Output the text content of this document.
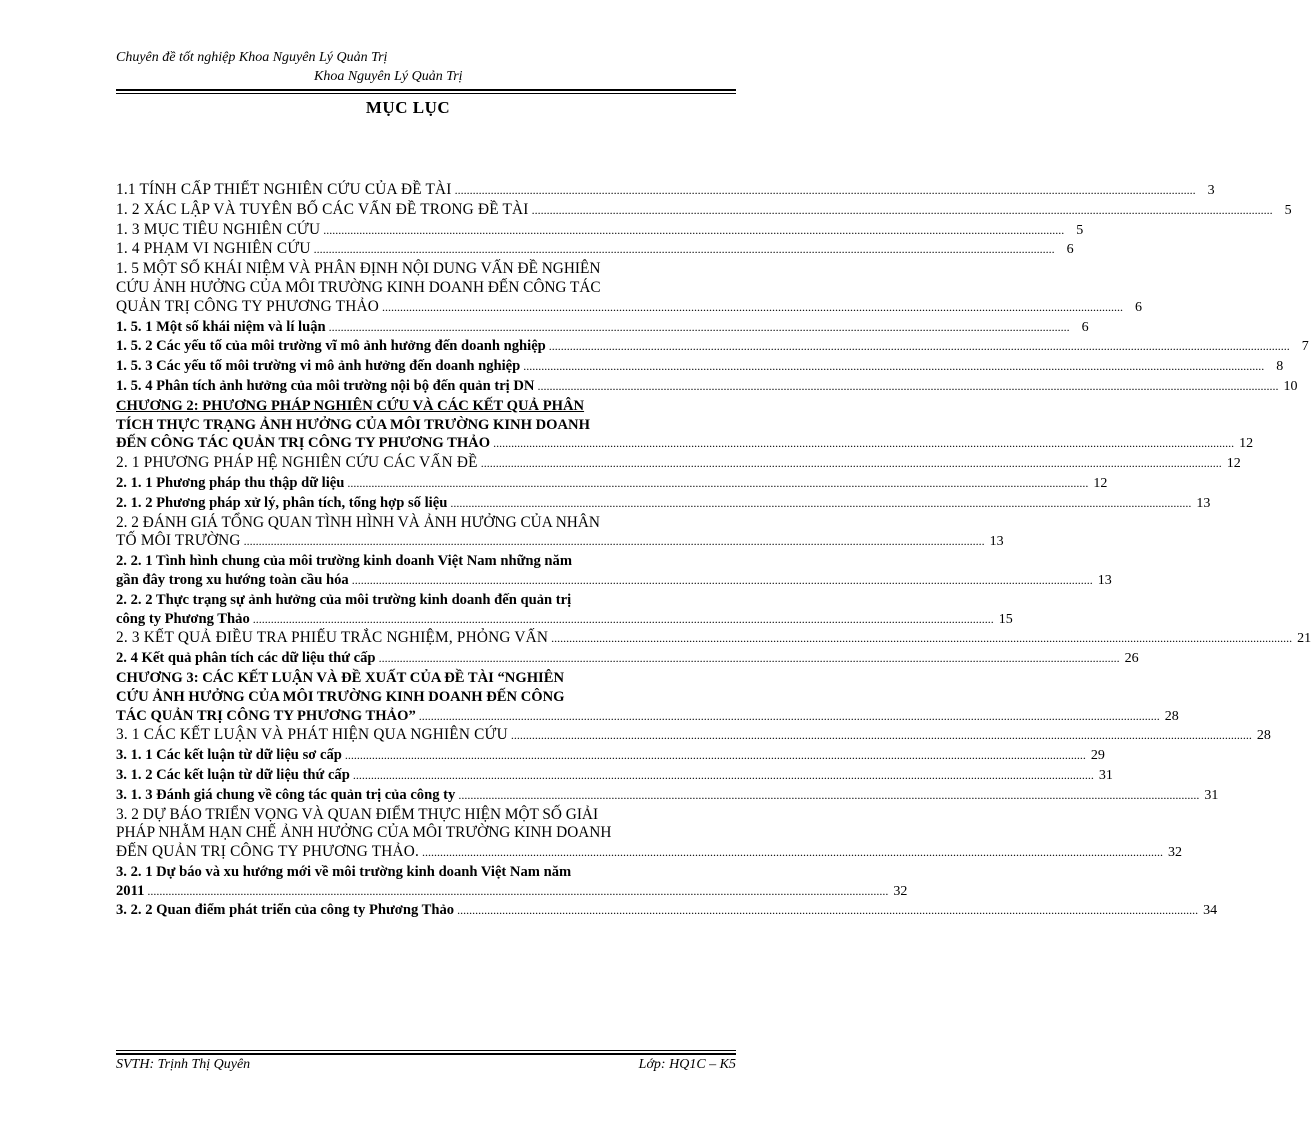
Chuyên đề tốt nghiệp Khoa Nguyên Lý Quản Trị
Khoa Nguyên Lý Quản Trị
MỤC LỤC
1.1 TÍNH CẤP THIẾT NGHIÊN CỨU CỦA ĐỀ TÀI .....	3
1. 2 XÁC LẬP VÀ TUYÊN BỐ CÁC VẤN ĐỀ TRONG ĐỀ TÀI .....	5
1. 3 MỤC TIÊU NGHIÊN CỨU .....	5
1. 4 PHẠM VI NGHIÊN CỨU .....	6
1. 5 MỘT SỐ KHÁI NIỆM VÀ PHÂN ĐỊNH NỘI DUNG VẤN ĐỀ NGHIÊN
CỨU ẢNH HƯỞNG CỦA MÔI TRƯỜNG KINH DOANH ĐẾN CÔNG TÁC
QUẢN TRỊ CÔNG TY PHƯƠNG THẢO .....	6
1. 5. 1 Một số khái niệm và lí luận .....	6
1. 5. 2 Các yếu tố của môi trường vĩ mô ảnh hưởng đến doanh nghiệp .....	7
1. 5. 3 Các yếu tố môi trường vi mô ảnh hưởng đến doanh nghiệp .....	8
1. 5. 4 Phân tích ảnh hưởng của môi trường nội bộ đến quản trị DN .....	10
CHƯƠNG 2: PHƯƠNG PHÁP NGHIÊN CỨU VÀ CÁC KẾT QUẢ PHÂN
TÍCH THỰC TRẠNG ẢNH HƯỞNG CỦA MÔI TRƯỜNG KINH DOANH
ĐẾN CÔNG TÁC QUẢN TRỊ CÔNG TY PHƯƠNG THẢO .....	12
2. 1 PHƯƠNG PHÁP HỆ NGHIÊN CỨU CÁC VẤN ĐỀ .....	12
2. 1. 1 Phương pháp thu thập dữ liệu .....	12
2. 1. 2 Phương pháp xử lý, phân tích, tổng hợp số liệu .....	13
2. 2 ĐÁNH GIÁ TỔNG QUAN TÌNH HÌNH VÀ ẢNH HƯỞNG CỦA NHÂN
TỐ MÔI TRƯỜNG .....	13
2. 2. 1 Tình hình chung của môi trường kinh doanh Việt Nam những năm
gần đây trong xu hướng toàn cầu hóa .....	13
2. 2. 2 Thực trạng sự ảnh hưởng của môi trường kinh doanh đến quản trị
công ty Phương Thảo .....	15
2. 3 KẾT QUẢ ĐIỀU TRA PHIẾU TRẮC NGHIỆM, PHỎNG VẤN .....	21
2. 4 Kết quả phân tích các dữ liệu thứ cấp .....	26
CHƯƠNG 3: CÁC KẾT LUẬN VÀ ĐỀ XUẤT CỦA ĐỀ TÀI “NGHIÊN
CỨU ẢNH HƯỞNG CỦA MÔI TRƯỜNG KINH DOANH ĐẾN CÔNG
TÁC QUẢN TRỊ CÔNG TY PHƯƠNG THẢO” .....	28
3. 1 CÁC KẾT LUẬN VÀ PHÁT HIỆN QUA NGHIÊN CỨU .....	28
3. 1. 1 Các kết luận từ dữ liệu sơ cấp .....	29
3. 1. 2 Các kết luận từ dữ liệu thứ cấp .....	31
3. 1. 3 Đánh giá chung về công tác quản trị của công ty .....	31
3. 2 DỰ BÁO TRIỂN VỌNG VÀ QUAN ĐIỂM THỰC HIỆN MỘT SỐ GIẢI
PHÁP NHẰM HẠN CHẾ ẢNH HƯỞNG CỦA MÔI TRƯỜNG KINH DOANH
ĐẾN QUẢN TRỊ CÔNG TY PHƯƠNG THẢO. .....	32
3. 2. 1 Dự báo và xu hướng mới về môi trường kinh doanh Việt Nam năm
2011 .....	32
3. 2. 2 Quan điểm phát triển của công ty Phương Thảo .....	34
SVTH: Trịnh Thị Quyên	Lớp: HQ1C – K5
